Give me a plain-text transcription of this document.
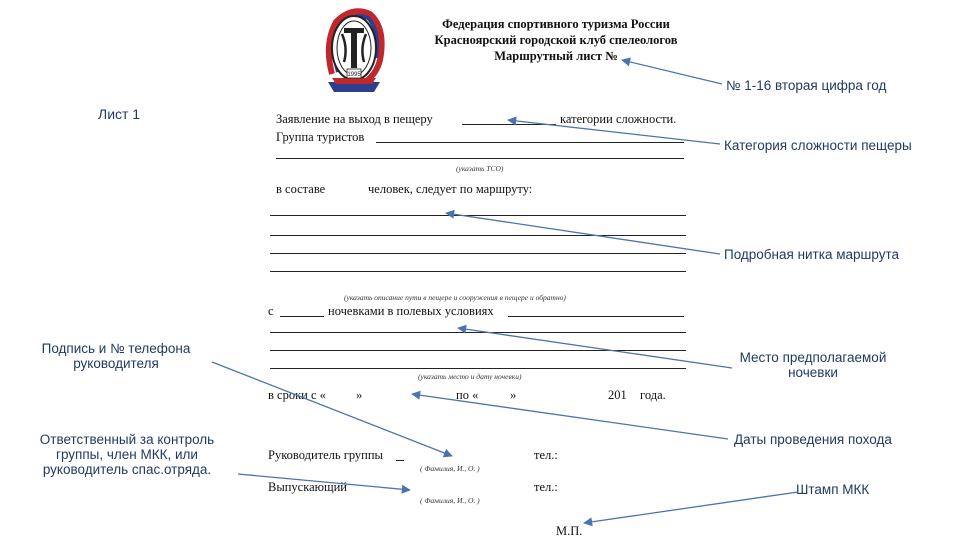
1995
Федерация спортивного туризма России
Красноярский городской клуб спелеологов
Маршрутный лист №
Лист 1	Заявление на выход в пещеру	категории сложности.
Группа туристов
(указать ТСО)
в составе	человек, следует по маршруту:
(указать описание пути в пещере и сооружения в пещере и обратно)
с	ночевками в полевых условиях
(указать место и дату ночевки)
в сроки с « »	по «	»	201 года.
Руководитель группы	тел.:
( Фамилия, И., О. )
Выпускающий	тел.:
( Фамилия, И., О. )
М.П.
№ 1-16 вторая цифра год
Категория сложности пещеры
Подробная нитка маршрута
Подпись и № телефона руководителя	Место предполагаемой ночевки
Ответственный за контроль группы, член МКК, или руководитель спас.отряда.
Даты проведения похода
Штамп МКК
